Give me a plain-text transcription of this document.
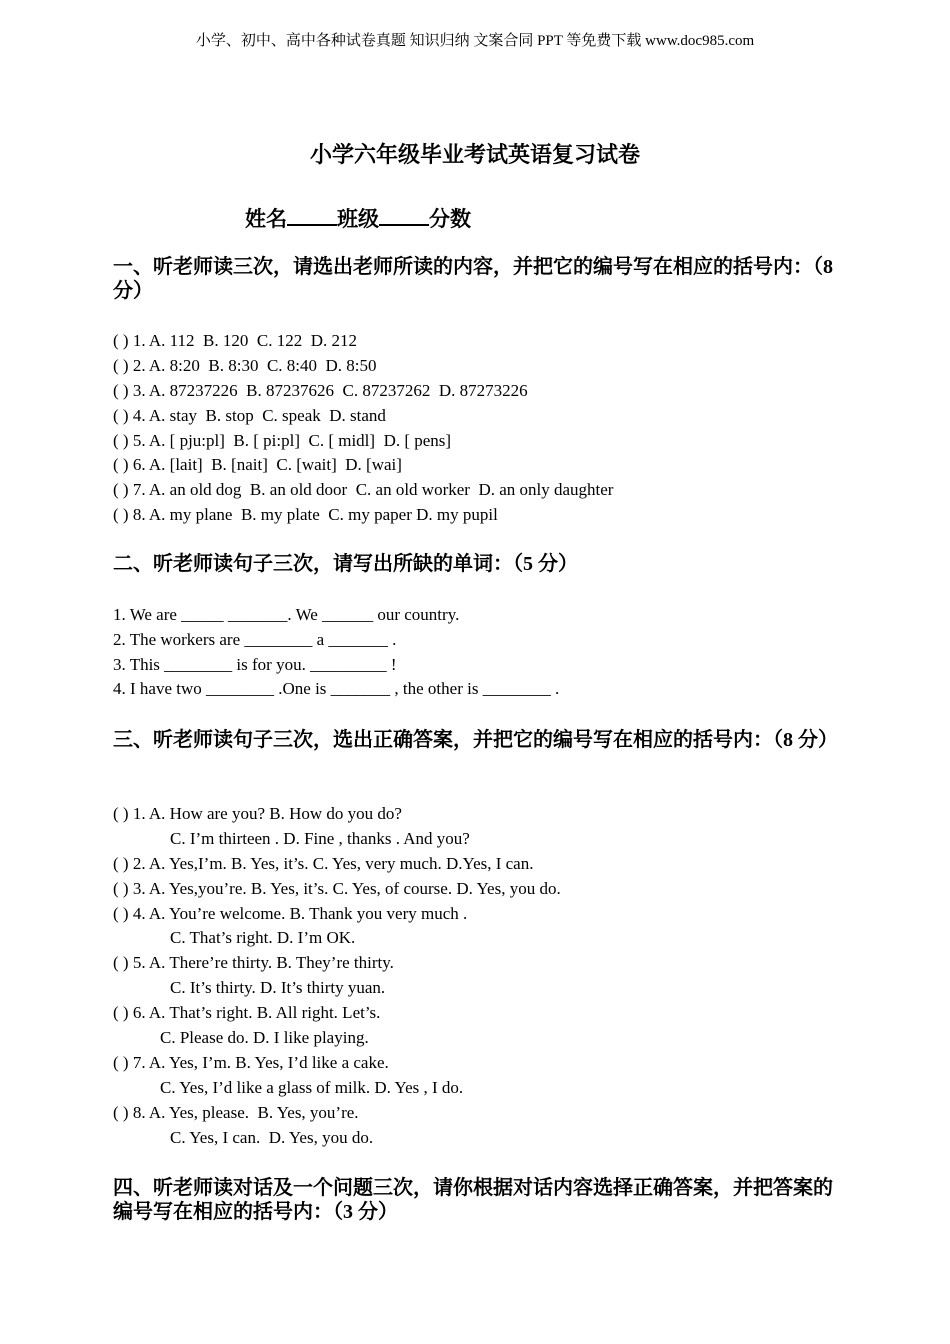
小学、初中、高中各种试卷真题 知识归纳 文案合同 PPT 等免费下载 www.doc985.com
小学六年级毕业考试英语复习试卷
姓名 班级 分数
一、听老师读三次，请选出老师所读的内容，并把它的编号写在相应的括号内：（8 分）
( ) 1. A. 112  B. 120  C. 122  D. 212
( ) 2. A. 8:20  B. 8:30  C. 8:40  D. 8:50
( ) 3. A. 87237226  B. 87237626  C. 87237262  D. 87273226
( ) 4. A. stay  B. stop  C. speak  D. stand
( ) 5. A. [ pju:pl]  B. [ pi:pl]  C. [ midl]  D. [ pens]
( ) 6. A. [lait]  B. [nait]  C. [wait]  D. [wai]
( ) 7. A. an old dog  B. an old door  C. an old worker  D. an only daughter
( ) 8. A. my plane  B. my plate  C. my paper D. my pupil
二、听老师读句子三次，请写出所缺的单词：（5 分）
1. We are _____ _______. We ______ our country.
2. The workers are ________ a _______ .
3. This ________ is for you. _________ !
4. I have two ________ .One is _______ , the other is ________ .
三、听老师读句子三次，选出正确答案，并把它的编号写在相应的括号内：（8 分）
( ) 1. A. How are you? B. How do you do?
C. I’m thirteen . D. Fine , thanks . And you?
( ) 2. A. Yes,I’m. B. Yes, it’s. C. Yes, very much. D.Yes, I can.
( ) 3. A. Yes,you’re. B. Yes, it’s. C. Yes, of course. D. Yes, you do.
( ) 4. A. You’re welcome. B. Thank you very much .
C. That’s right. D. I’m OK.
( ) 5. A. There’re thirty. B. They’re thirty.
C. It’s thirty. D. It’s thirty yuan.
( ) 6. A. That’s right. B. All right. Let’s.
C. Please do. D. I like playing.
( ) 7. A. Yes, I’m. B. Yes, I’d like a cake.
C. Yes, I’d like a glass of milk. D. Yes , I do.
( ) 8. A. Yes, please.  B. Yes, you’re.
C. Yes, I can.  D. Yes, you do.
四、听老师读对话及一个问题三次，请你根据对话内容选择正确答案，并把答案的编号写在相应的括号内：（3 分）
